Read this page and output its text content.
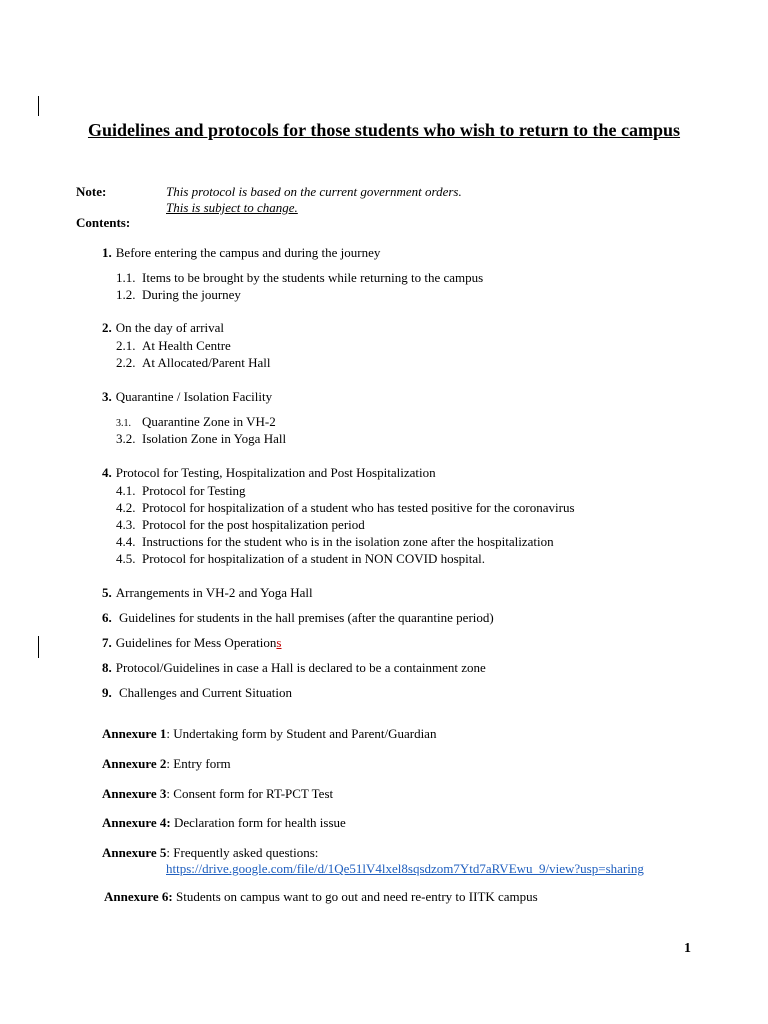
Guidelines and protocols for those students who wish to return to the campus
Note:	This protocol is based on the current government orders.
This is subject to change.
Contents:
1. Before entering the campus and during the journey
1.1. Items to be brought by the students while returning to the campus
1.2. During the journey
2. On the day of arrival
2.1. At Health Centre
2.2. At Allocated/Parent Hall
3. Quarantine / Isolation Facility
3.1. Quarantine Zone in VH-2
3.2. Isolation Zone in Yoga Hall
4. Protocol for Testing, Hospitalization and Post Hospitalization
4.1. Protocol for Testing
4.2. Protocol for hospitalization of a student who has tested positive for the coronavirus
4.3. Protocol for the post hospitalization period
4.4. Instructions for the student who is in the isolation zone after the hospitalization
4.5. Protocol for hospitalization of a student in NON COVID hospital.
5. Arrangements in VH-2 and Yoga Hall
6. Guidelines for students in the hall premises (after the quarantine period)
7. Guidelines for Mess Operations
8. Protocol/Guidelines in case a Hall is declared to be a containment zone
9. Challenges and Current Situation
Annexure 1: Undertaking form by Student and Parent/Guardian
Annexure 2: Entry form
Annexure 3: Consent form for RT-PCT Test
Annexure 4: Declaration form for health issue
Annexure 5: Frequently asked questions:
https://drive.google.com/file/d/1Qe51lV4lxel8sqsdzom7Ytd7aRVEwu_9/view?usp=sharing
Annexure 6: Students on campus want to go out and need re-entry to IITK campus
1
